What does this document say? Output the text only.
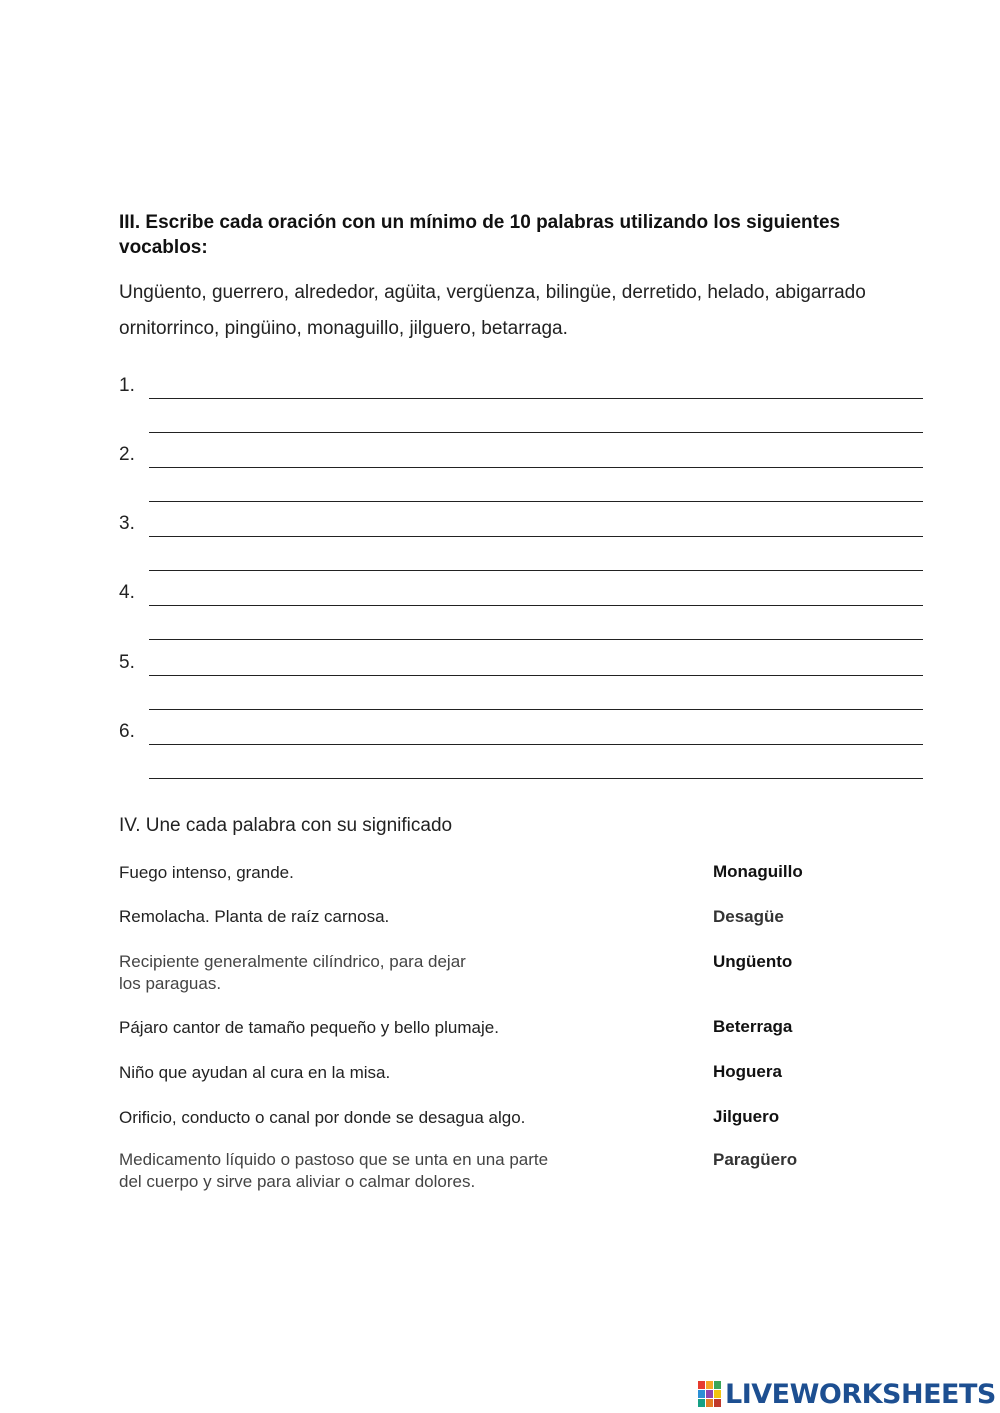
III. Escribe cada oración con un mínimo de 10 palabras utilizando los siguientes vocablos:
Ungüento, guerrero, alrededor, agüita, vergüenza, bilingüe, derretido, helado, abigarrado ornitorrinco, pingüino, monaguillo, jilguero, betarraga.
1.
2.
3.
4.
5.
6.
IV. Une cada palabra con su significado
Fuego intenso, grande.
Remolacha. Planta de raíz carnosa.
Recipiente generalmente cilíndrico, para dejar los paraguas.
Pájaro cantor de tamaño pequeño y bello plumaje.
Niño que ayudan al cura en la misa.
Orificio, conducto o canal por donde se desagua algo.
Medicamento líquido o pastoso que se unta en una parte del cuerpo y sirve para aliviar o calmar dolores.
Monaguillo
Desagüe
Ungüento
Beterraga
Hoguera
Jilguero
Paragüero
LIVEWORKSHEETS
